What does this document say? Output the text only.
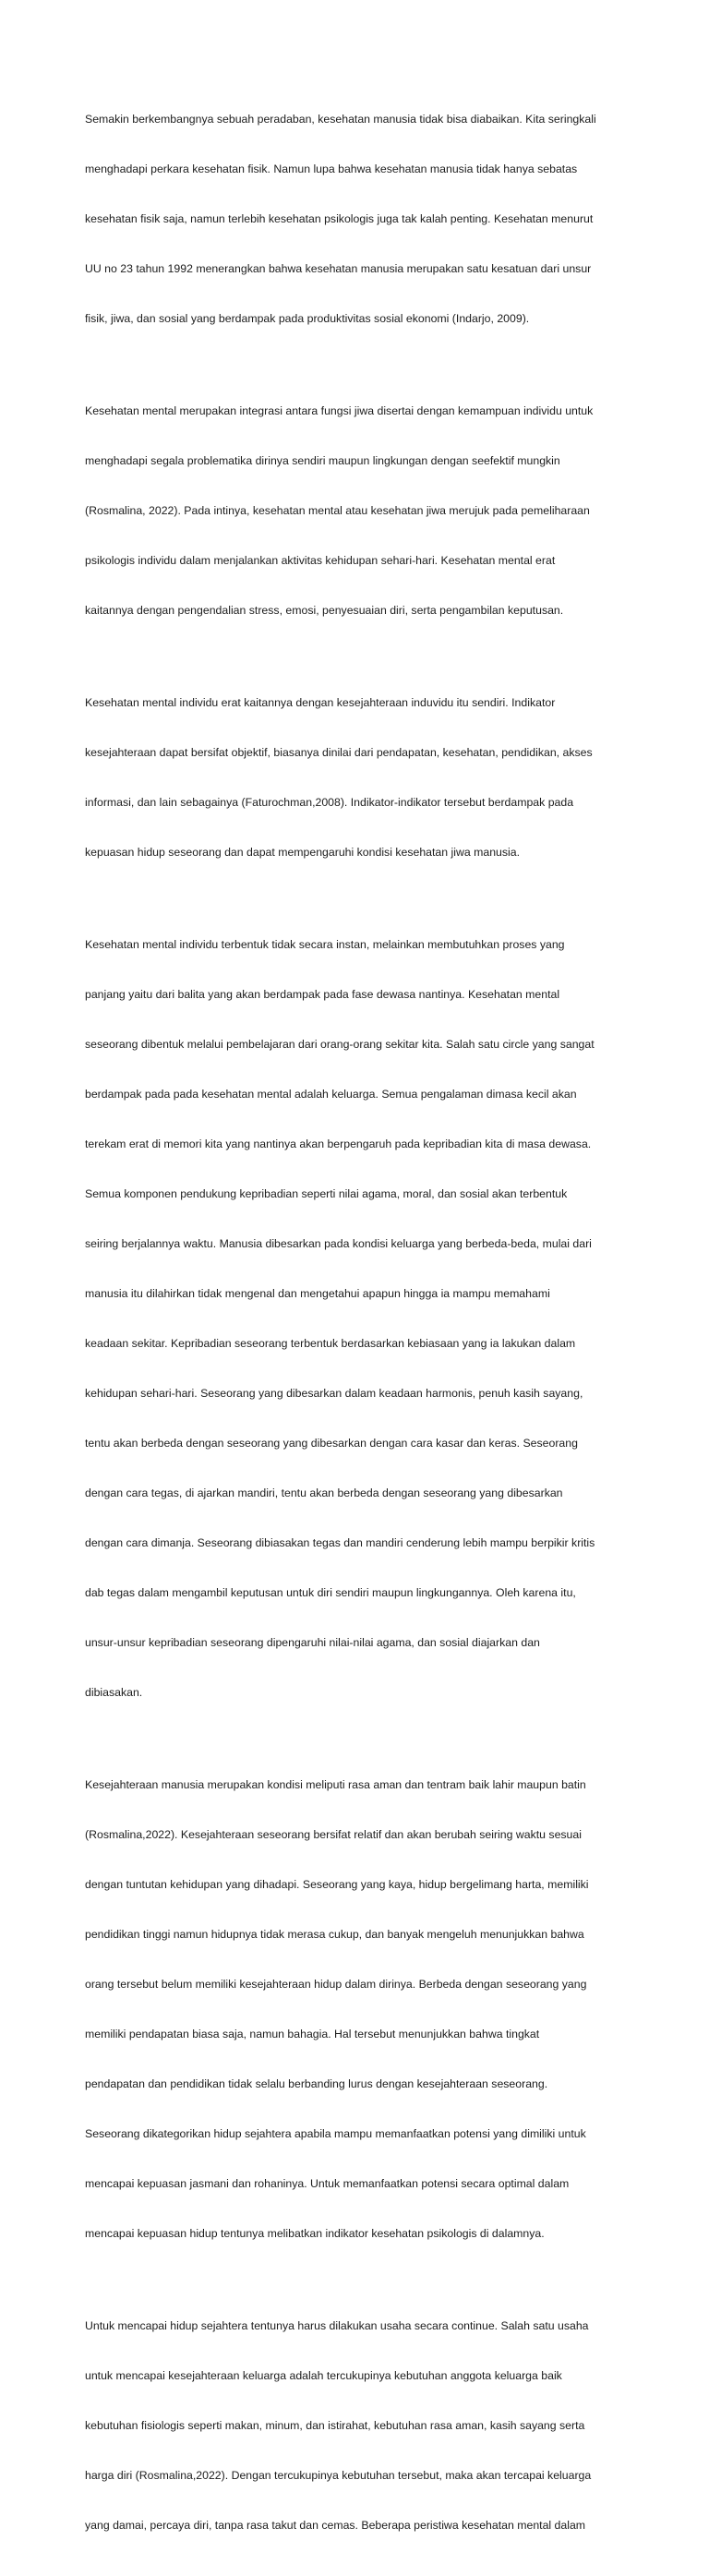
Semakin berkembangnya sebuah peradaban, kesehatan manusia tidak bisa diabaikan. Kita seringkali

menghadapi perkara kesehatan fisik. Namun lupa bahwa kesehatan manusia tidak hanya sebatas

kesehatan fisik saja, namun terlebih kesehatan psikologis juga tak kalah penting. Kesehatan menurut

UU no 23 tahun 1992 menerangkan bahwa kesehatan manusia merupakan satu kesatuan dari unsur

fisik, jiwa, dan sosial yang berdampak pada produktivitas sosial ekonomi (Indarjo, 2009).

Kesehatan mental merupakan integrasi antara fungsi jiwa disertai dengan kemampuan individu untuk

menghadapi segala problematika dirinya sendiri maupun lingkungan dengan seefektif mungkin

(Rosmalina, 2022). Pada intinya, kesehatan mental atau kesehatan jiwa merujuk pada pemeliharaan

psikologis individu dalam menjalankan aktivitas kehidupan sehari-hari. Kesehatan mental erat

kaitannya dengan pengendalian stress, emosi, penyesuaian diri, serta pengambilan keputusan.

Kesehatan mental individu erat kaitannya dengan kesejahteraan induvidu itu sendiri. Indikator

kesejahteraan dapat bersifat objektif, biasanya dinilai dari pendapatan, kesehatan, pendidikan, akses

informasi, dan lain sebagainya (Faturochman,2008). Indikator-indikator tersebut berdampak pada

kepuasan hidup seseorang dan dapat mempengaruhi kondisi kesehatan jiwa manusia.

Kesehatan mental individu terbentuk tidak secara instan, melainkan membutuhkan proses yang

panjang yaitu dari balita yang akan berdampak pada fase dewasa nantinya. Kesehatan mental

seseorang dibentuk melalui pembelajaran dari orang-orang sekitar kita. Salah satu circle yang sangat

berdampak pada pada kesehatan mental adalah keluarga. Semua pengalaman dimasa kecil akan

terekam erat di memori kita yang nantinya akan berpengaruh pada kepribadian kita di masa dewasa.

Semua komponen pendukung kepribadian seperti nilai agama, moral, dan sosial akan terbentuk

seiring berjalannya waktu. Manusia dibesarkan pada kondisi keluarga yang berbeda-beda, mulai dari

manusia itu dilahirkan tidak mengenal dan mengetahui apapun hingga ia mampu memahami

keadaan sekitar. Kepribadian seseorang terbentuk berdasarkan kebiasaan yang ia lakukan dalam

kehidupan sehari-hari. Seseorang yang dibesarkan dalam keadaan harmonis, penuh kasih sayang,

tentu akan berbeda dengan seseorang yang dibesarkan dengan cara kasar dan keras. Seseorang

dengan cara tegas, di ajarkan mandiri, tentu akan berbeda dengan seseorang yang dibesarkan

dengan cara dimanja. Seseorang dibiasakan tegas dan mandiri cenderung lebih mampu berpikir kritis

dab tegas dalam mengambil keputusan untuk diri sendiri maupun lingkungannya. Oleh karena itu,

unsur-unsur kepribadian seseorang dipengaruhi nilai-nilai agama, dan sosial diajarkan dan

dibiasakan.

Kesejahteraan manusia merupakan kondisi meliputi rasa aman dan tentram baik lahir maupun batin

(Rosmalina,2022). Kesejahteraan seseorang bersifat relatif dan akan berubah seiring waktu sesuai

dengan tuntutan kehidupan yang dihadapi. Seseorang yang kaya, hidup bergelimang harta, memiliki

pendidikan tinggi namun hidupnya tidak merasa cukup, dan banyak mengeluh menunjukkan bahwa

orang tersebut belum memiliki kesejahteraan hidup dalam dirinya. Berbeda dengan seseorang yang

memiliki pendapatan biasa saja, namun bahagia. Hal tersebut menunjukkan bahwa tingkat

pendapatan dan pendidikan tidak selalu berbanding lurus dengan kesejahteraan seseorang.

Seseorang dikategorikan hidup sejahtera apabila mampu memanfaatkan potensi yang dimiliki untuk

mencapai kepuasan jasmani dan rohaninya. Untuk memanfaatkan potensi secara optimal dalam

mencapai kepuasan hidup tentunya melibatkan indikator kesehatan psikologis di dalamnya.

Untuk mencapai hidup sejahtera tentunya harus dilakukan usaha secara continue. Salah satu usaha

untuk mencapai kesejahteraan keluarga adalah tercukupinya kebutuhan anggota keluarga baik

kebutuhan fisiologis seperti makan, minum, dan istirahat, kebutuhan rasa aman, kasih sayang serta

harga diri (Rosmalina,2022). Dengan tercukupinya kebutuhan tersebut, maka akan tercapai keluarga

yang damai, percaya diri, tanpa rasa takut dan cemas. Beberapa peristiwa kesehatan mental dalam
